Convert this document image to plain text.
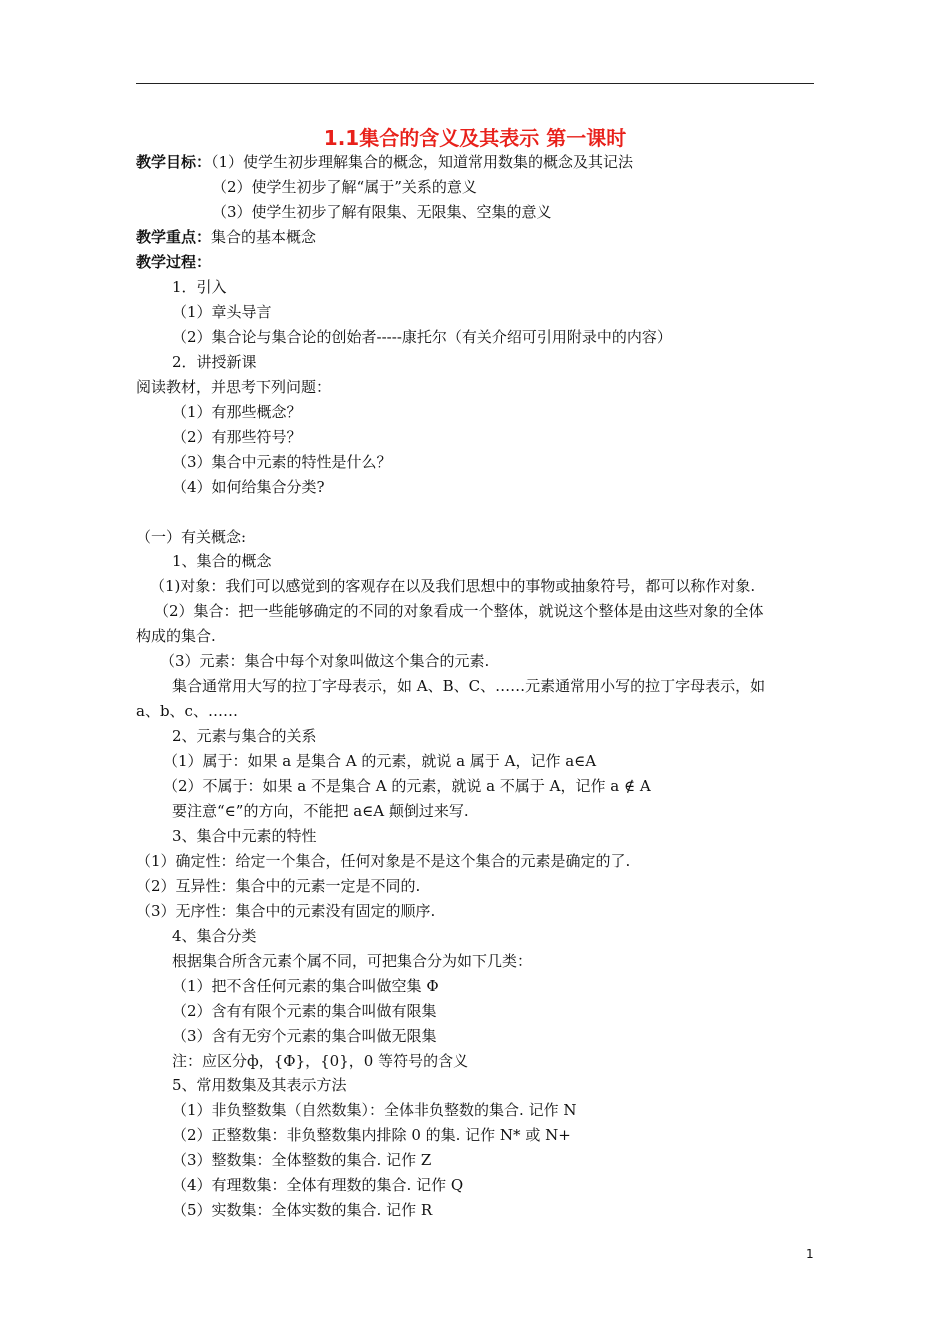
1.1集合的含义及其表示 第一课时
教学目标：（1）使学生初步理解集合的概念，知道常用数集的概念及其记法
（2）使学生初步了解“属于”关系的意义
（3）使学生初步了解有限集、无限集、空集的意义
教学重点：集合的基本概念
教学过程：
1．引入
（1）章头导言
（2）集合论与集合论的创始者-----康托尔（有关介绍可引用附录中的内容）
2．讲授新课
阅读教材，并思考下列问题：
（1）有那些概念？
（2）有那些符号？
（3）集合中元素的特性是什么？
（4）如何给集合分类?
（一）有关概念:
1、集合的概念
（1)对象：我们可以感觉到的客观存在以及我们思想中的事物或抽象符号，都可以称作对象.
（2）集合：把一些能够确定的不同的对象看成一个整体，就说这个整体是由这些对象的全体
构成的集合.
（3）元素：集合中每个对象叫做这个集合的元素.
集合通常用大写的拉丁字母表示，如 A、B、C、……元素通常用小写的拉丁字母表示，如
a、b、c、……
2、元素与集合的关系
（1）属于：如果 a 是集合 A 的元素，就说 a 属于 A，记作 a∈A
（2）不属于：如果 a 不是集合 A 的元素，就说 a 不属于 A，记作 a ∉ A
要注意“∈”的方向，不能把 a∈A 颠倒过来写.
3、集合中元素的特性
（1）确定性：给定一个集合，任何对象是不是这个集合的元素是确定的了.
（2）互异性：集合中的元素一定是不同的.
（3）无序性：集合中的元素没有固定的顺序.
4、集合分类
根据集合所含元素个属不同，可把集合分为如下几类：
（1）把不含任何元素的集合叫做空集 Φ
（2）含有有限个元素的集合叫做有限集
（3）含有无穷个元素的集合叫做无限集
注：应区分ф，{Φ}，{0}，0 等符号的含义
5、常用数集及其表示方法
（1）非负整数集（自然数集）：全体非负整数的集合. 记作 N
（2）正整数集：非负整数集内排除 0 的集. 记作 N* 或 N+
（3）整数集：全体整数的集合. 记作 Z
（4）有理数集：全体有理数的集合. 记作 Q
（5）实数集：全体实数的集合. 记作 R
1
